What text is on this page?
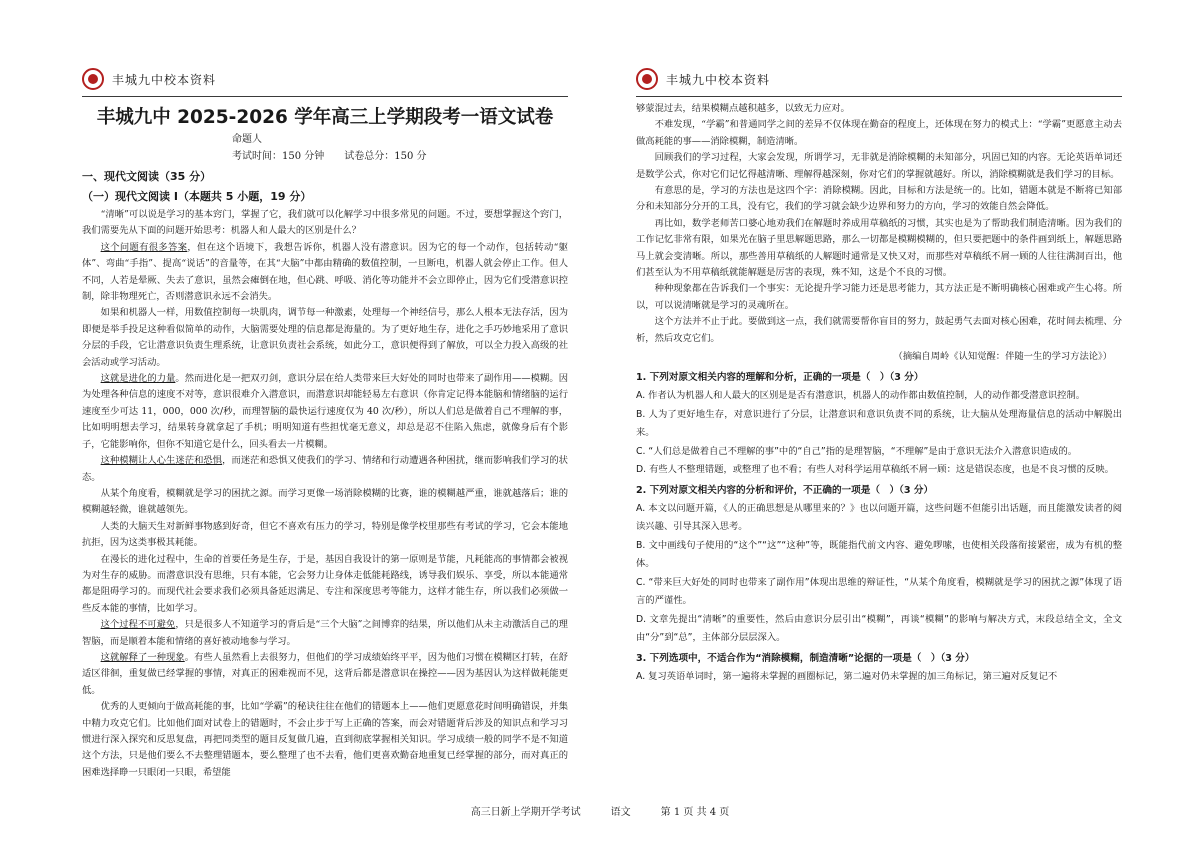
丰城九中校本资料
丰城九中 2025-2026 学年高三上学期段考一语文试卷
命题人
考试时间：150 分钟　　试卷总分：150 分
一、现代文阅读（35 分）
（一）现代文阅读 I（本题共 5 小题，19 分）

“清晰”可以说是学习的基本窍门，掌握了它，我们就可以化解学习中很多常见的问题。不过，要想掌握这个窍门，我们需要先从下面的问题开始思考：机器人和人最大的区别是什么？

这个问题有很多答案，但在这个语境下，我想告诉你，机器人没有潜意识。因为它的每一个动作，包括转动“躯体”、弯曲“手指”、提高“说话”的音量等，在其“大脑”中都由精确的数值控制，一旦断电，机器人就会停止工作。但人不同，人若是晕厥、失去了意识，虽然会瘫倒在地，但心跳、呼吸、消化等功能并不会立即停止，因为它们受潜意识控制，除非物理死亡，否则潜意识永远不会消失。

如果和机器人一样，用数值控制每一块肌肉，调节每一种激素，处理每一个神经信号，那么人根本无法存活，因为即便是举手投足这种看似简单的动作，大脑需要处理的信息都是海量的。为了更好地生存，进化之手巧妙地采用了意识分层的手段，它让潜意识负责生理系统，让意识负责社会系统，如此分工，意识便得到了解放，可以全力投入高级的社会活动或学习活动。

这就是进化的力量。然而进化是一把双刃剑，意识分层在给人类带来巨大好处的同时也带来了副作用——模糊。因为处理各种信息的速度不对等，意识很难介入潜意识，而潜意识却能轻易左右意识（你肯定记得本能脑和情绪脑的运行速度至少可达 11，000，000 次/秒，而理智脑的最快运行速度仅为 40 次/秒），所以人们总是做着自己不理解的事，比如明明想去学习，结果转身就拿起了手机；明明知道有些担忧毫无意义，却总是忍不住陷入焦虑，就像身后有个影子，它能影响你，但你不知道它是什么，回头看去一片模糊。

这种模糊让人心生迷茫和恐惧，而迷茫和恐惧又使我们的学习、情绪和行动遭遇各种困扰，继而影响我们学习的状态。

从某个角度看，模糊就是学习的困扰之源。而学习更像一场消除模糊的比赛，谁的模糊越严重，谁就越落后；谁的模糊越轻微，谁就越领先。

人类的大脑天生对新鲜事物感到好奇，但它不喜欢有压力的学习，特别是像学校里那些有考试的学习，它会本能地抗拒，因为这类事极其耗能。

在漫长的进化过程中，生命的首要任务是生存，于是，基因自我设计的第一原则是节能，凡耗能高的事情都会被视为对生存的威胁。而潜意识没有思维，只有本能，它会努力让身体走低能耗路线，诱导我们娱乐、享受，所以本能通常都是阻碍学习的。而现代社会要求我们必须具备延迟满足、专注和深度思考等能力，这样才能生存，所以我们必须做一些反本能的事情，比如学习。

这个过程不可避免，只是很多人不知道学习的背后是“三个大脑”之间博弈的结果，所以他们从未主动激活自己的理智脑，而是顺着本能和情绪的喜好被动地参与学习。

这就解释了一种现象。有些人虽然看上去很努力，但他们的学习成绩始终平平，因为他们习惯在模糊区打转，在舒适区徘徊，重复做已经掌握的事情，对真正的困难视而不见，这背后都是潜意识在操控——因为基因认为这样做耗能更低。

优秀的人更倾向于做高耗能的事，比如“学霸”的秘诀往往在他们的错题本上——他们更愿意花时间明确错误，并集中精力攻克它们。比如他们面对试卷上的错题时，不会止步于写上正确的答案，而会对错题背后涉及的知识点和学习习惯进行深入探究和反思复盘，再把同类型的题目反复做几遍，直到彻底掌握相关知识。学习成绩一般的同学不是不知道这个方法，只是他们要么不去整理错题本，要么整理了也不去看，他们更喜欢勤奋地重复已经掌握的部分，而对真正的困难选择睁一只眼闭一只眼，希望能

丰城九中校本资料

够蒙混过去，结果模糊点越积越多，以致无力应对。

不难发现，“学霸”和普通同学之间的差异不仅体现在勤奋的程度上，还体现在努力的模式上：“学霸”更愿意主动去做高耗能的事——消除模糊，制造清晰。

回顾我们的学习过程，大家会发现，所谓学习，无非就是消除模糊的未知部分，巩固已知的内容。无论英语单词还是数学公式，你对它们记忆得越清晰、理解得越深刻，你对它们的掌握就越好。所以，消除模糊就是我们学习的目标。

有意思的是，学习的方法也是这四个字：消除模糊。因此，目标和方法是统一的。比如，错题本就是不断将已知部分和未知部分分开的工具，没有它，我们的学习就会缺少边界和努力的方向，学习的效能自然会降低。

再比如，数学老师苦口婆心地劝我们在解题时养成用草稿纸的习惯，其实也是为了帮助我们制造清晰。因为我们的工作记忆非常有限，如果光在脑子里思解题思路，那么一切都是模糊模糊的，但只要把题中的条件画到纸上，解题思路马上就会变清晰。所以，那些善用草稿纸的人解题时通常是又快又对，而那些对草稿纸不屑一顾的人往往满洞百出，他们甚至认为不用草稿纸就能解题是厉害的表现，殊不知，这是个不良的习惯。

种种现象都在告诉我们一个事实：无论提升学习能力还是思考能力，其方法正是不断明确核心困难或产生心将。所以，可以说清晰就是学习的灵魂所在。

这个方法并不止于此。要做到这一点，我们就需要帮你盲目的努力，鼓起勇气去面对核心困难，花时间去梳理、分析，然后攻克它们。

（摘编自周岭《认知觉醒：伴随一生的学习方法论》）

1. 下列对原文相关内容的理解和分析，正确的一项是（　）（3 分）

A. 作者认为机器人和人最大的区别是是否有潜意识，机器人的动作都由数值控制，人的动作都受潜意识控制。

B. 人为了更好地生存，对意识进行了分层，让潜意识和意识负责不同的系统，让大脑从处理海量信息的活动中解脱出来。

C. “人们总是做着自己不理解的事”中的“自己”指的是理智脑，“不理解”是由于意识无法介入潜意识造成的。

D. 有些人不整理错题，或整理了也不看；有些人对科学运用草稿纸不屑一顾：这是错误态度，也是不良习惯的反映。

2. 下列对原文相关内容的分析和评价，不正确的一项是（　）（3 分）

A. 本文以问题开篇，《人的正确思想是从哪里来的？》也以问题开篇，这些问题不但能引出话题，而且能激发读者的阅读兴趣、引导其深入思考。

B. 文中画线句子使用的“这个”“这”“这种”等，既能指代前文内容、避免啰嗦，也使相关段落衔接紧密，成为有机的整体。

C. “带来巨大好处的同时也带来了副作用”体现出思维的辩证性，“从某个角度看，模糊就是学习的困扰之源”体现了语言的严谨性。

D. 文章先提出“清晰”的重要性，然后由意识分层引出“模糊”，再谈“模糊”的影响与解决方式，末段总结全文，全文由“分”到“总”，主体部分层层深入。

3. 下列选项中，不适合作为“消除模糊，制造清晰”论据的一项是（　）（3 分）

A. 复习英语单词时，第一遍将未掌握的画圈标记，第二遍对仍未掌握的加三角标记，第三遍对反复记不

高三日新上学期开学考试　　　语文　　　第 1 页 共 4 页
